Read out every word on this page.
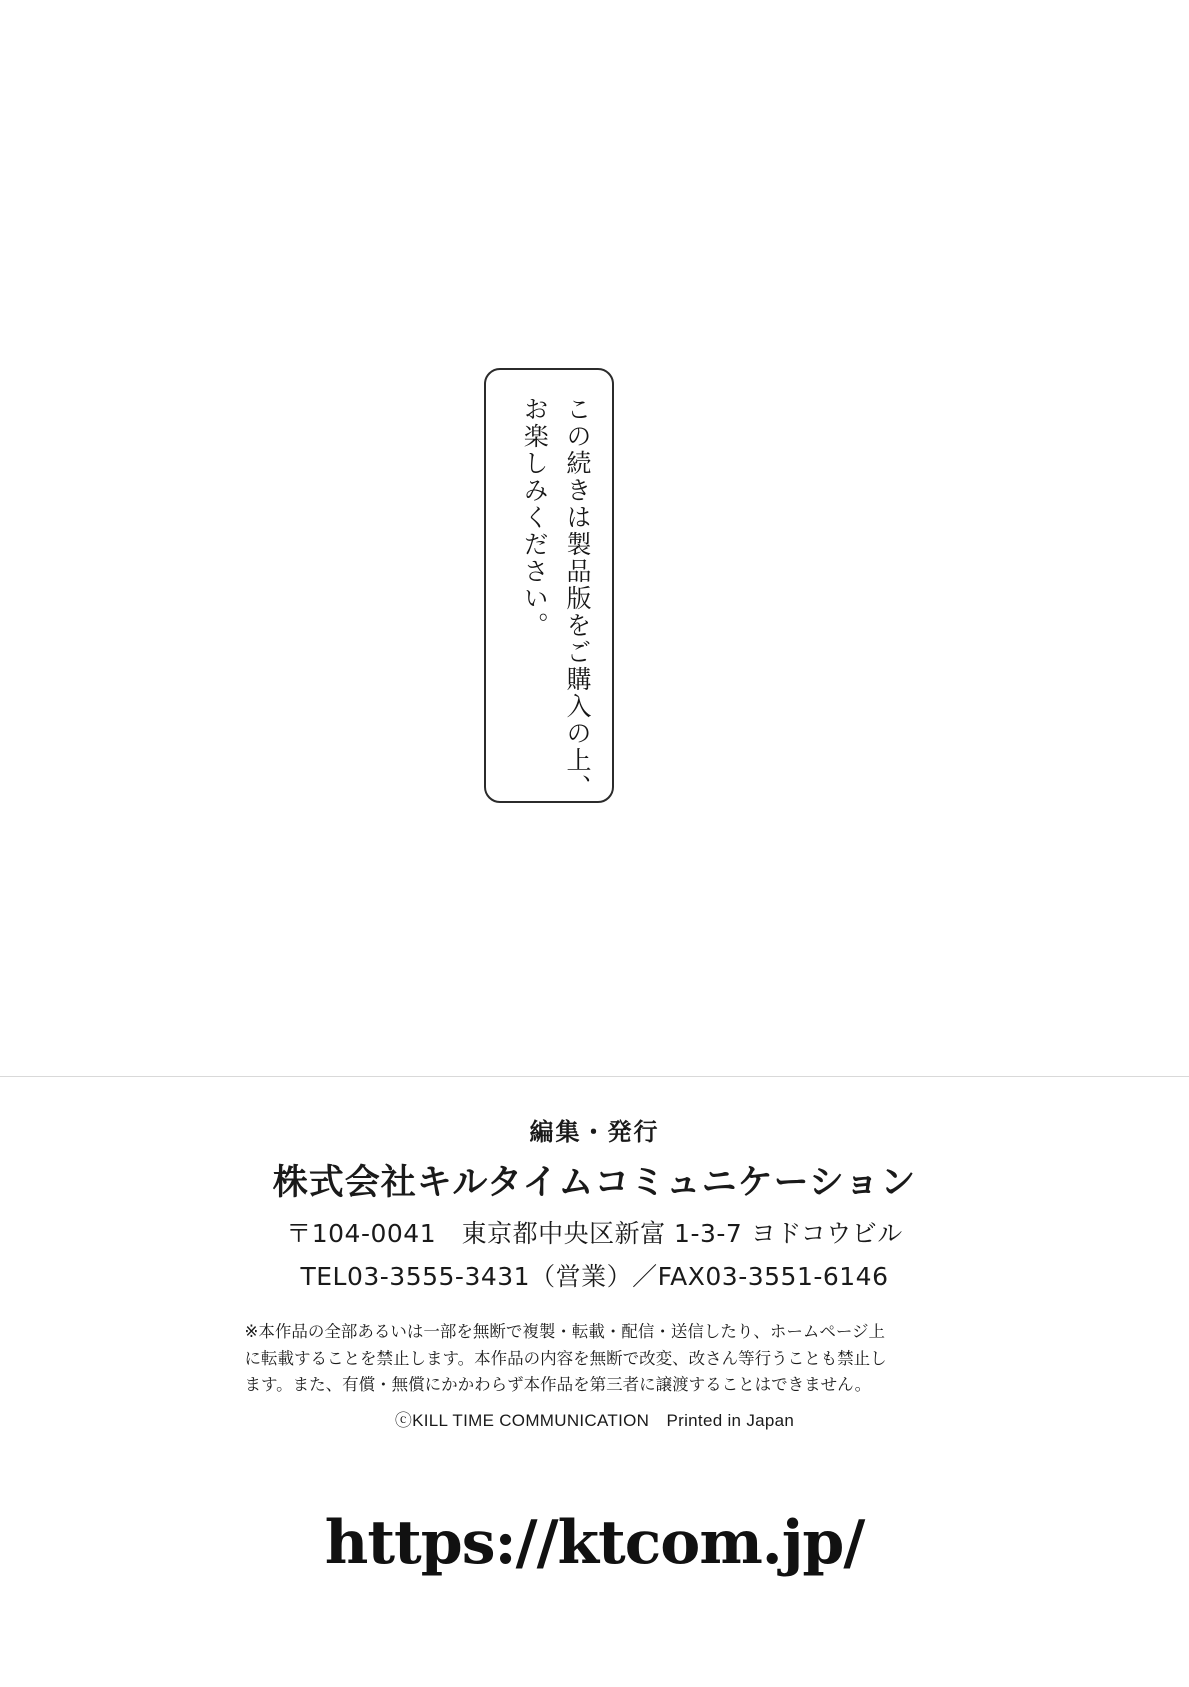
この続きは製品版をご購入の上、
お楽しみください。
編集・発行
株式会社キルタイムコミュニケーション
〒104-0041　東京都中央区新富 1-3-7 ヨドコウビル
TEL03-3555-3431（営業）／FAX03-3551-6146

※本作品の全部あるいは一部を無断で複製・転載・配信・送信したり、ホームページ上

に転載することを禁止します。本作品の内容を無断で改変、改さん等行うことも禁止し

ます。また、有償・無償にかかわらず本作品を第三者に譲渡することはできません。

ⓒKILL TIME COMMUNICATION　Printed in Japan
https://ktcom.jp/
